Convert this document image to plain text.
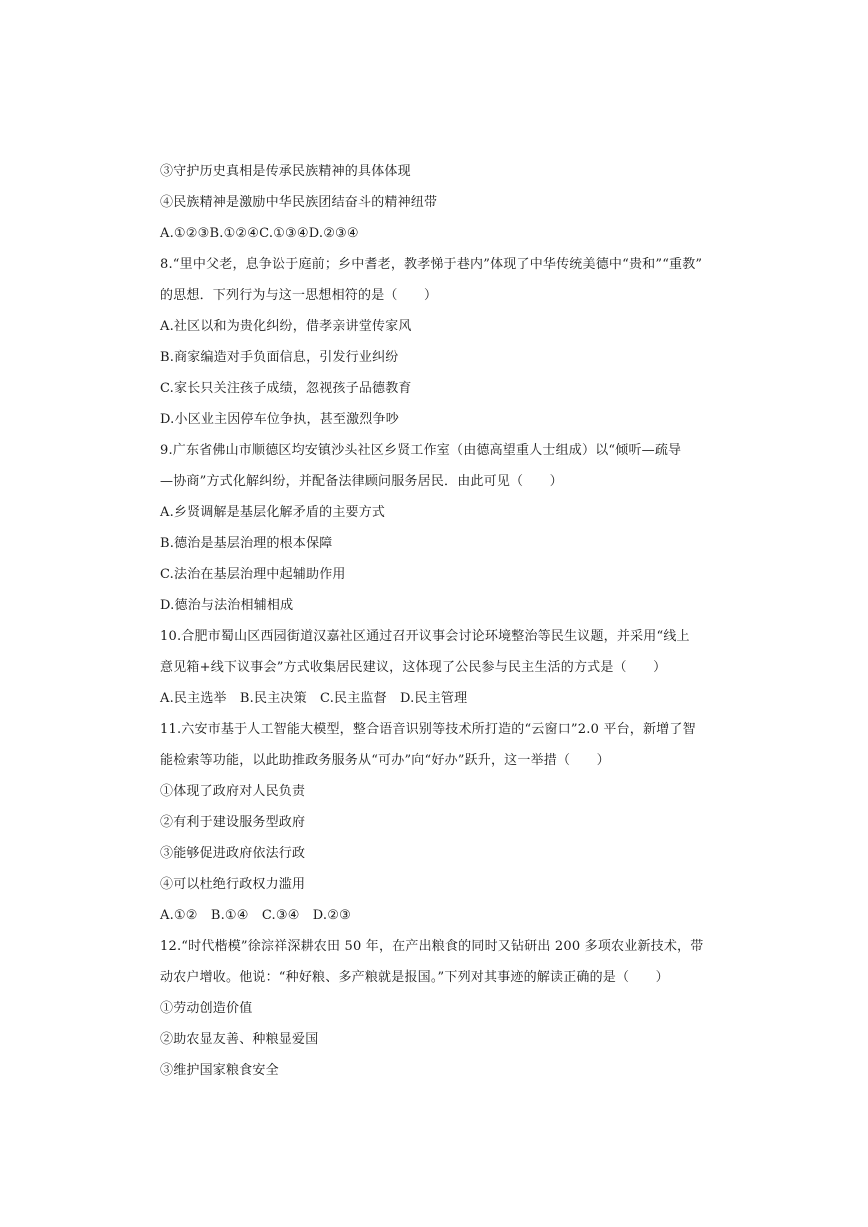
③守护历史真相是传承民族精神的具体体现
④民族精神是激励中华民族团结奋斗的精神纽带
A.①②③B.①②④C.①③④D.②③④
8.“里中父老，息争讼于庭前；乡中耆老，教孝悌于巷内”体现了中华传统美德中“贵和”“重教”
的思想．下列行为与这一思想相符的是（　　）
A.社区以和为贵化纠纷，借孝亲讲堂传家风
B.商家编造对手负面信息，引发行业纠纷
C.家长只关注孩子成绩，忽视孩子品德教育
D.小区业主因停车位争执，甚至激烈争吵
9.广东省佛山市顺德区均安镇沙头社区乡贤工作室（由德高望重人士组成）以“倾听—疏导
—协商”方式化解纠纷，并配备法律顾问服务居民．由此可见（　　）
A.乡贤调解是基层化解矛盾的主要方式
B.德治是基层治理的根本保障
C.法治在基层治理中起辅助作用
D.德治与法治相辅相成
10.合肥市蜀山区西园街道汉嘉社区通过召开议事会讨论环境整治等民生议题，并采用“线上
意见箱+线下议事会”方式收集居民建议，这体现了公民参与民主生活的方式是（　　）
A.民主选举　B.民主决策　C.民主监督　D.民主管理
11.六安市基于人工智能大模型，整合语音识别等技术所打造的“云窗口”2.0 平台，新增了智
能检索等功能，以此助推政务服务从“可办”向“好办”跃升，这一举措（　　）
①体现了政府对人民负责
②有利于建设服务型政府
③能够促进政府依法行政
④可以杜绝行政权力滥用
A.①②　B.①④　C.③④　D.②③
12.“时代楷模”徐淙祥深耕农田 50 年，在产出粮食的同时又钻研出 200 多项农业新技术，带
动农户增收。他说：“种好粮、多产粮就是报国。”下列对其事迹的解读正确的是（　　）
①劳动创造价值
②助农显友善、种粮显爱国
③维护国家粮食安全
